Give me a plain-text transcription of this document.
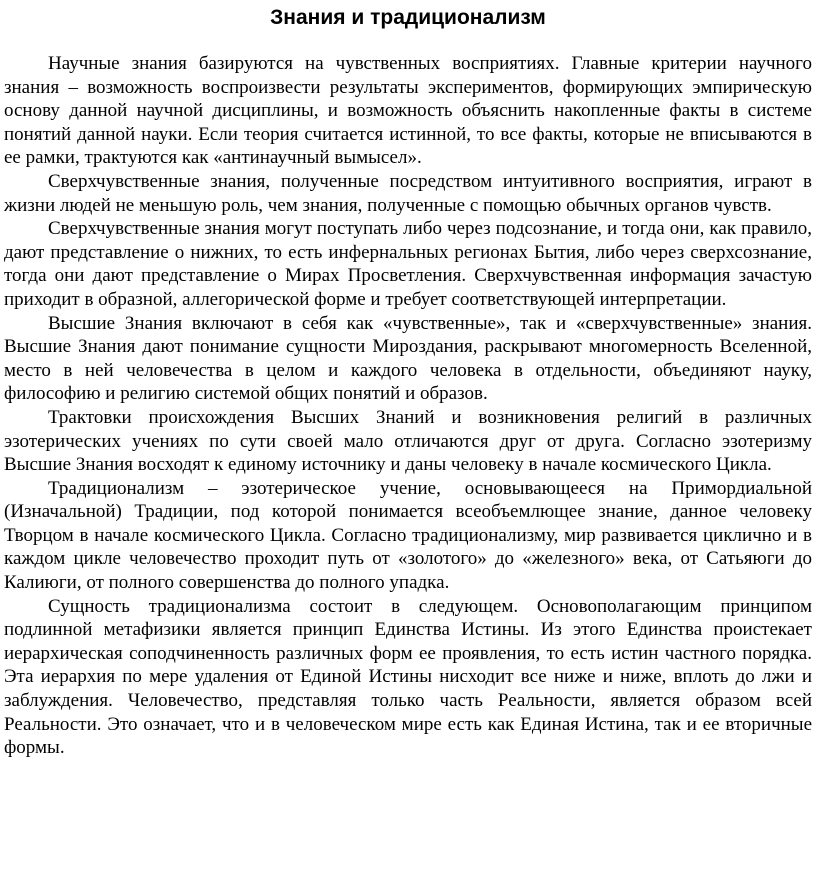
Знания и традиционализм

Научные знания базируются на чувственных восприятиях. Главные критерии научного знания – возможность воспроизвести результаты экспериментов, формирующих эмпирическую основу данной научной дисциплины, и возможность объяснить накопленные факты в системе понятий данной науки. Если теория считается истинной, то все факты, которые не вписываются в ее рамки, трактуются как «антинаучный вымысел».

Сверхчувственные знания, полученные посредством интуитивного восприятия, играют в жизни людей не меньшую роль, чем знания, полученные с помощью обычных органов чувств.

Сверхчувственные знания могут поступать либо через подсознание, и тогда они, как правило, дают представление о нижних, то есть инфернальных регионах Бытия, либо через сверхсознание, тогда они дают представление о Мирах Просветления. Сверхчувственная информация зачастую приходит в образной, аллегорической форме и требует соответствующей интерпретации.

Высшие Знания включают в себя как «чувственные», так и «сверхчувственные» знания. Высшие Знания дают понимание сущности Мироздания, раскрывают многомерность Вселенной, место в ней человечества в целом и каждого человека в отдельности, объединяют науку, философию и религию системой общих понятий и образов.

Трактовки происхождения Высших Знаний и возникновения религий в различных эзотерических учениях по сути своей мало отличаются друг от друга. Согласно эзотеризму Высшие Знания восходят к единому источнику и даны человеку в начале космического Цикла.

Традиционализм – эзотерическое учение, основывающееся на Примордиальной (Изначальной) Традиции, под которой понимается всеобъемлющее знание, данное человеку Творцом в начале космического Цикла. Согласно традиционализму, мир развивается циклично и в каждом цикле человечество проходит путь от «золотого» до «железного» века, от Сатьяюги до Калиюги, от полного совершенства до полного упадка.

Сущность традиционализма состоит в следующем. Основополагающим принципом подлинной метафизики является принцип Единства Истины. Из этого Единства проистекает иерархическая соподчиненность различных форм ее проявления, то есть истин частного порядка. Эта иерархия по мере удаления от Единой Истины нисходит все ниже и ниже, вплоть до лжи и заблуждения. Человечество, представляя только часть Реальности, является образом всей Реальности. Это означает, что и в человеческом мире есть как Единая Истина, так и ее вторичные формы.
